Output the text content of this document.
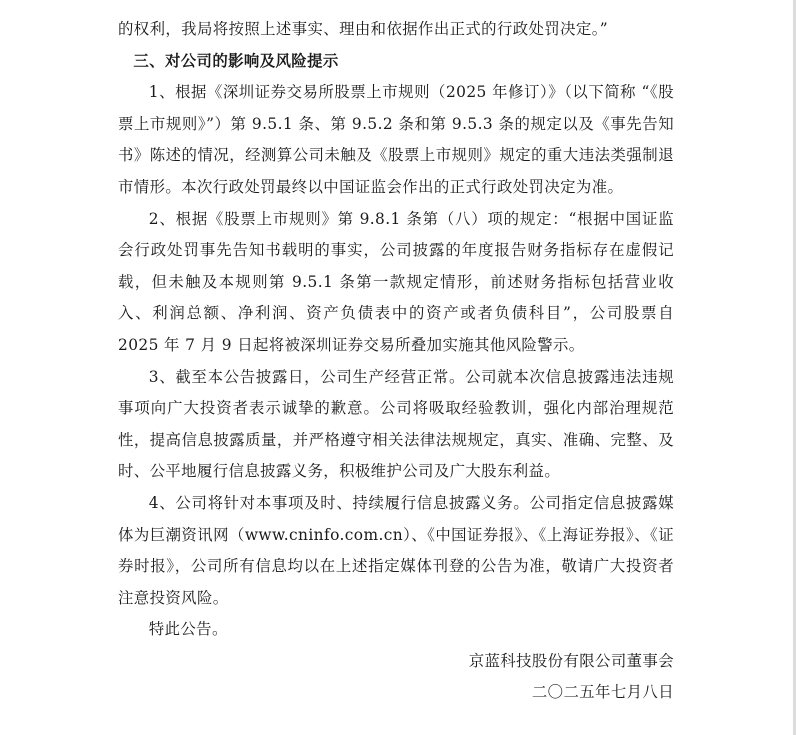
的权利，我局将按照上述事实、理由和依据作出正式的行政处罚决定。”

三、对公司的影响及风险提示

1、根据《深圳证券交易所股票上市规则（2025 年修订）》（以下简称 “《股票上市规则》”）第 9.5.1 条、第 9.5.2 条和第 9.5.3 条的规定以及《事先告知书》陈述的情况，经测算公司未触及《股票上市规则》规定的重大违法类强制退市情形。本次行政处罚最终以中国证监会作出的正式行政处罚决定为准。

2、根据《股票上市规则》第 9.8.1 条第（八）项的规定：“根据中国证监会行政处罚事先告知书载明的事实，公司披露的年度报告财务指标存在虚假记载，但未触及本规则第 9.5.1 条第一款规定情形，前述财务指标包括营业收入、利润总额、净利润、资产负债表中的资产或者负债科目”，公司股票自 2025 年 7 月 9 日起将被深圳证券交易所叠加实施其他风险警示。

3、截至本公告披露日，公司生产经营正常。公司就本次信息披露违法违规事项向广大投资者表示诚挚的歉意。公司将吸取经验教训，强化内部治理规范性，提高信息披露质量，并严格遵守相关法律法规规定，真实、准确、完整、及时、公平地履行信息披露义务，积极维护公司及广大股东利益。

4、公司将针对本事项及时、持续履行信息披露义务。公司指定信息披露媒体为巨潮资讯网（www.cninfo.com.cn）、《中国证券报》、《上海证券报》、《证券时报》，公司所有信息均以在上述指定媒体刊登的公告为准，敬请广大投资者注意投资风险。

特此公告。

京蓝科技股份有限公司董事会

二〇二五年七月八日
